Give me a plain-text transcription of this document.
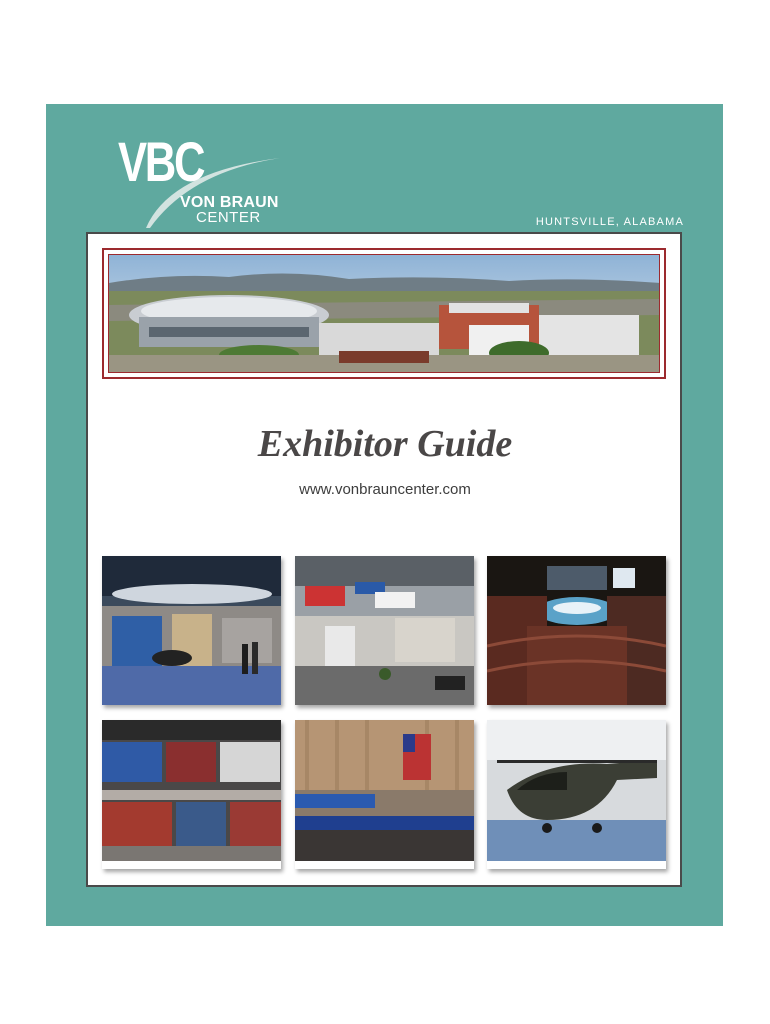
VBC
VON BRAUN
CENTER	HUNTSVILLE, ALABAMA
Exhibitor Guide
www.vonbrauncenter.com
